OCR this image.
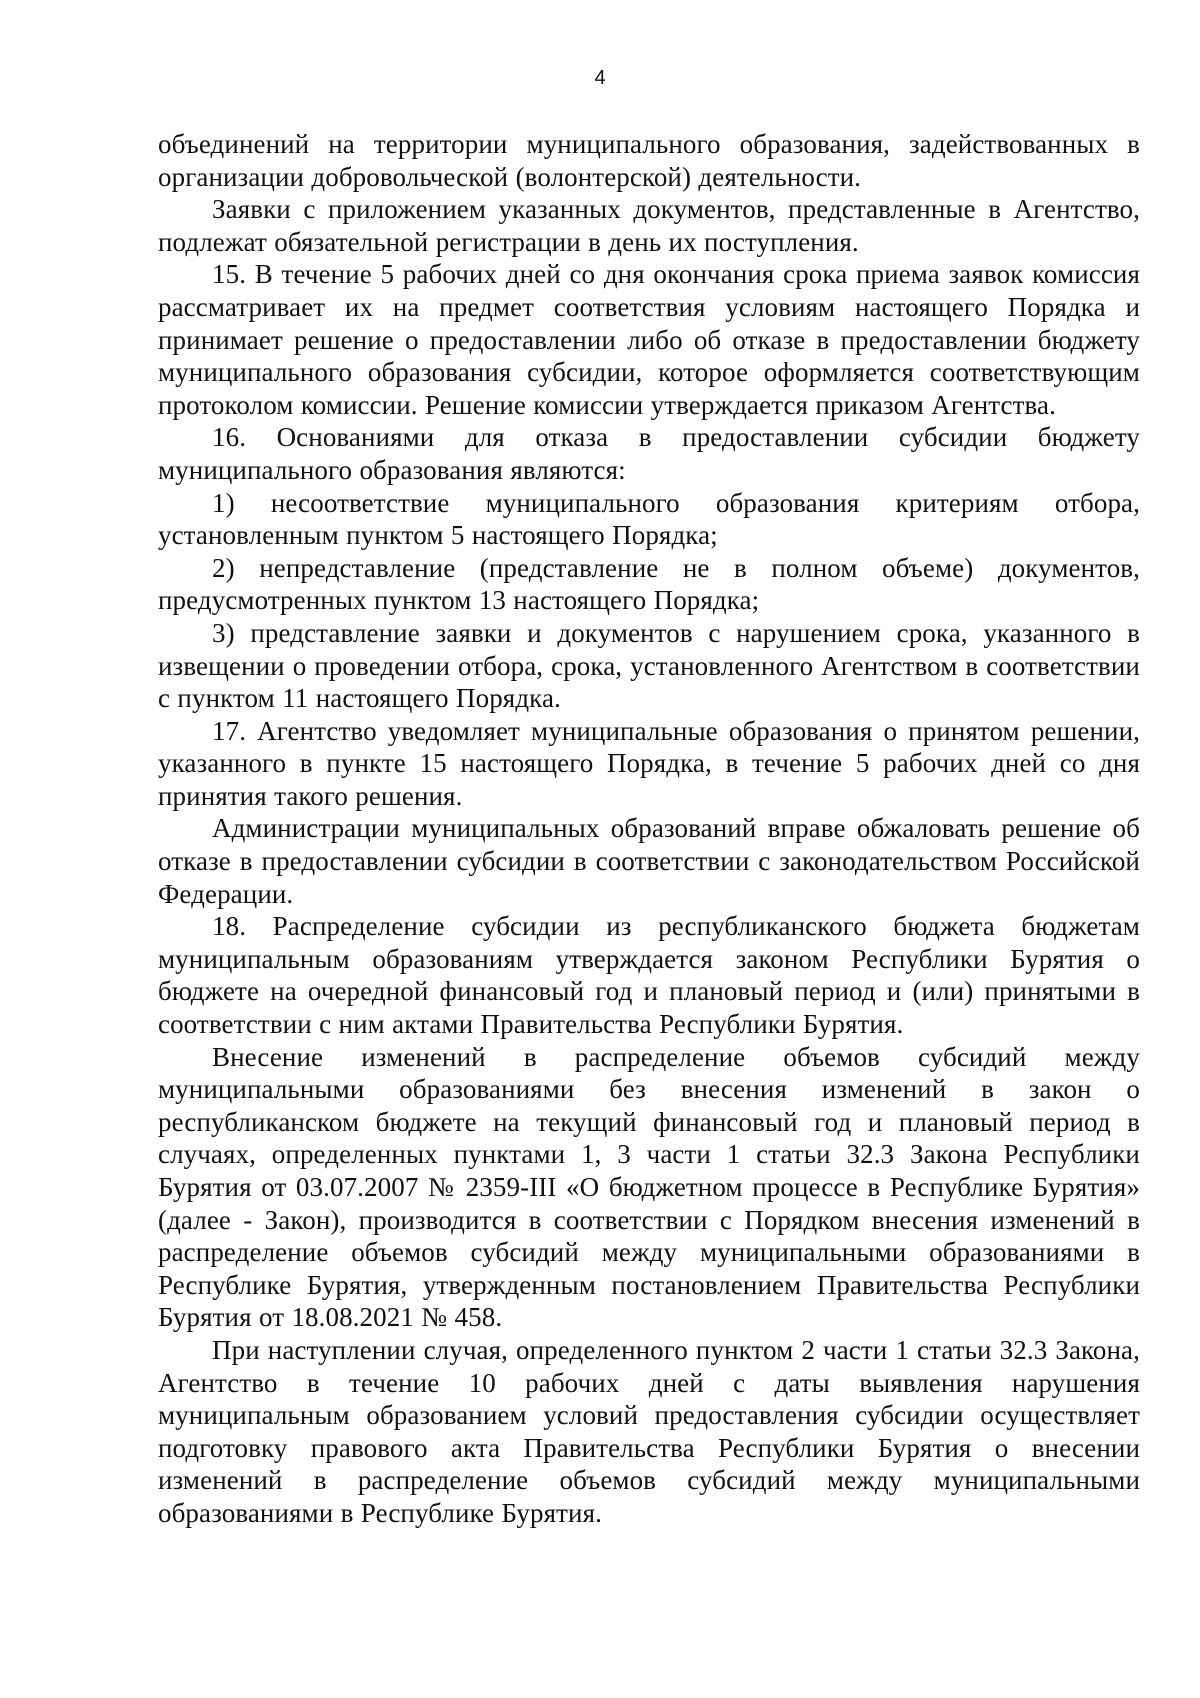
4

объединений на территории муниципального образования, задействованных в организации добровольческой (волонтерской) деятельности.

Заявки с приложением указанных документов, представленные в Агентство, подлежат обязательной регистрации в день их поступления.

15. В течение 5 рабочих дней со дня окончания срока приема заявок комиссия рассматривает их на предмет соответствия условиям настоящего Порядка и принимает решение о предоставлении либо об отказе в предоставлении бюджету муниципального образования субсидии, которое оформляется соответствующим протоколом комиссии. Решение комиссии утверждается приказом Агентства.

16. Основаниями для отказа в предоставлении субсидии бюджету муниципального образования являются:

1) несоответствие муниципального образования критериям отбора, установленным пунктом 5 настоящего Порядка;

2) непредставление (представление не в полном объеме) документов, предусмотренных пунктом 13 настоящего Порядка;

3) представление заявки и документов с нарушением срока, указанного в извещении о проведении отбора, срока, установленного Агентством в соответствии с пунктом 11 настоящего Порядка.

17. Агентство уведомляет муниципальные образования о принятом решении, указанного в пункте 15 настоящего Порядка, в течение 5 рабочих дней со дня принятия такого решения.

Администрации муниципальных образований вправе обжаловать решение об отказе в предоставлении субсидии в соответствии с законодательством Российской Федерации.

18. Распределение субсидии из республиканского бюджета бюджетам муниципальным образованиям утверждается законом Республики Бурятия о бюджете на очередной финансовый год и плановый период и (или) принятыми в соответствии с ним актами Правительства Республики Бурятия.

Внесение изменений в распределение объемов субсидий между муниципальными образованиями без внесения изменений в закон о республиканском бюджете на текущий финансовый год и плановый период в случаях, определенных пунктами 1, 3 части 1 статьи 32.3 Закона Республики Бурятия от 03.07.2007 № 2359-III «О бюджетном процессе в Республике Бурятия» (далее - Закон), производится в соответствии с Порядком внесения изменений в распределение объемов субсидий между муниципальными образованиями в Республике Бурятия, утвержденным постановлением Правительства Республики Бурятия от 18.08.2021 № 458.

При наступлении случая, определенного пунктом 2 части 1 статьи 32.3 Закона, Агентство в течение 10 рабочих дней с даты выявления нарушения муниципальным образованием условий предоставления субсидии осуществляет подготовку правового акта Правительства Республики Бурятия о внесении изменений в распределение объемов субсидий между муниципальными образованиями в Республике Бурятия.
